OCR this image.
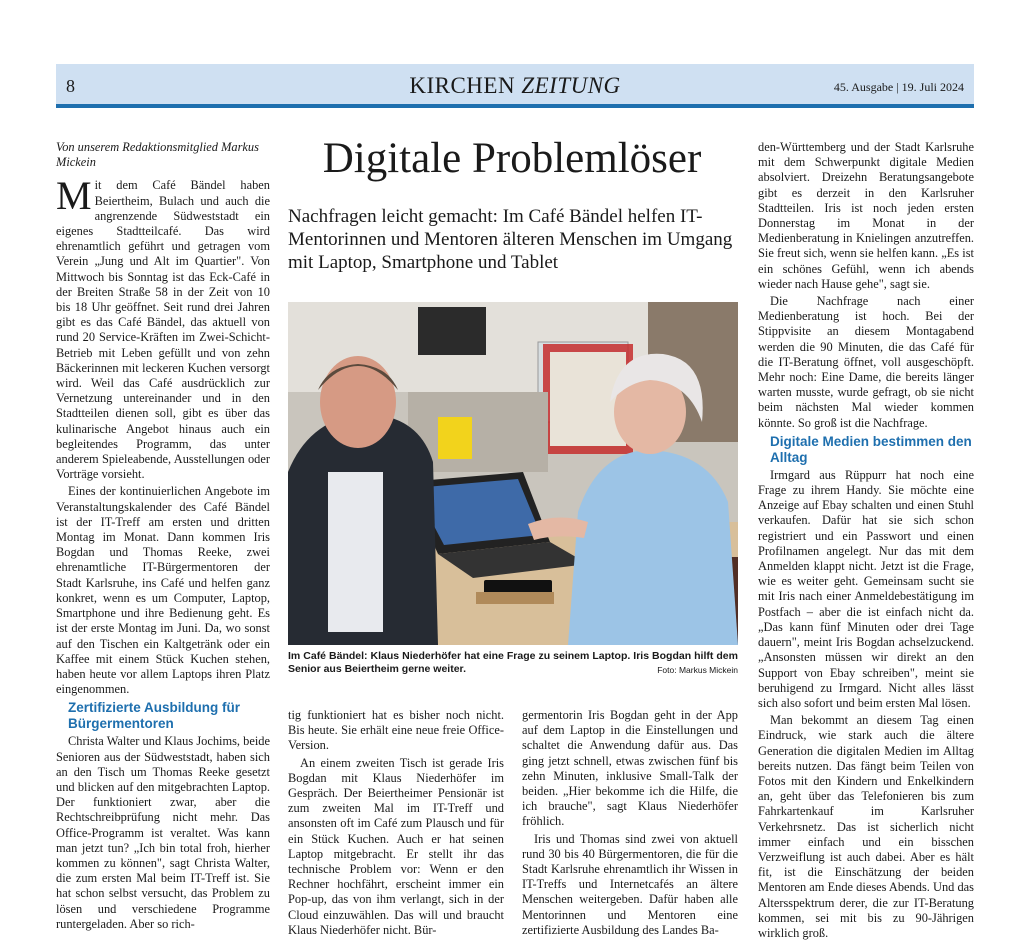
8	KIRCHEN ZEITUNG	45. Ausgabe | 19. Juli 2024

Von unserem Redaktionsmitglied Markus Mickein

Mit dem Café Bändel haben Beiertheim, Bulach und auch die angrenzende Südweststadt ein eigenes Stadtteilcafé. Das wird ehrenamtlich geführt und getragen vom Verein „Jung und Alt im Quartier". Von Mittwoch bis Sonntag ist das Eck-Café in der Breiten Straße 58 in der Zeit von 10 bis 18 Uhr geöffnet. Seit rund drei Jahren gibt es das Café Bändel, das aktuell von rund 20 Service-Kräften im Zwei-Schicht-Betrieb mit Leben gefüllt und von zehn Bäckerinnen mit leckeren Kuchen versorgt wird. Weil das Café ausdrücklich zur Vernetzung untereinander und in den Stadtteilen dienen soll, gibt es über das kulinarische Angebot hinaus auch ein begleitendes Programm, das unter anderem Spieleabende, Ausstellungen oder Vorträge vorsieht.

Eines der kontinuierlichen Angebote im Veranstaltungskalender des Café Bändel ist der IT-Treff am ersten und dritten Montag im Monat. Dann kommen Iris Bogdan und Thomas Reeke, zwei ehrenamtliche IT-Bürgermentoren der Stadt Karlsruhe, ins Café und helfen ganz konkret, wenn es um Computer, Laptop, Smartphone und ihre Bedienung geht. Es ist der erste Montag im Juni. Da, wo sonst auf den Tischen ein Kaltgetränk oder ein Kaffee mit einem Stück Kuchen stehen, haben heute vor allem Laptops ihren Platz eingenommen.

Zertifizierte Ausbildung für Bürgermentoren

Christa Walter und Klaus Jochims, beide Senioren aus der Südweststadt, haben sich an den Tisch um Thomas Reeke gesetzt und blicken auf den mitgebrachten Laptop. Der funktioniert zwar, aber die Rechtschreibprüfung nicht mehr. Das Office-Programm ist veraltet. Was kann man jetzt tun? „Ich bin total froh, hierher kommen zu können", sagt Christa Walter, die zum ersten Mal beim IT-Treff ist. Sie hat schon selbst versucht, das Problem zu lösen und verschiedene Programme runtergeladen. Aber so rich-

Digitale Problemlöser
Nachfragen leicht gemacht: Im Café Bändel helfen IT-Mentorinnen und Mentoren älteren Menschen im Umgang mit Laptop, Smartphone und Tablet
Im Café Bändel: Klaus Niederhöfer hat eine Frage zu seinem Laptop. Iris Bogdan hilft dem Senior aus Beiertheim gerne weiter.	Foto: Markus Mickein

tig funktioniert hat es bisher noch nicht. Bis heute. Sie erhält eine neue freie Office-Version.

An einem zweiten Tisch ist gerade Iris Bogdan mit Klaus Niederhöfer im Gespräch. Der Beiertheimer Pensionär ist zum zweiten Mal im IT-Treff und ansonsten oft im Café zum Plausch und für ein Stück Kuchen. Auch er hat seinen Laptop mitgebracht. Er stellt ihr das technische Problem vor: Wenn er den Rechner hochfährt, erscheint immer ein Pop-up, das von ihm verlangt, sich in der Cloud einzuwählen. Das will und braucht Klaus Niederhöfer nicht. Bür-

germentorin Iris Bogdan geht in der App auf dem Laptop in die Einstellungen und schaltet die Anwendung dafür aus. Das ging jetzt schnell, etwas zwischen fünf bis zehn Minuten, inklusive Small-Talk der beiden. „Hier bekomme ich die Hilfe, die ich brauche", sagt Klaus Niederhöfer fröhlich.

Iris und Thomas sind zwei von aktuell rund 30 bis 40 Bürgermentoren, die für die Stadt Karlsruhe ehrenamtlich ihr Wissen in IT-Treffs und Internetcafés an ältere Menschen weitergeben. Dafür haben alle Mentorinnen und Mentoren eine zertifizierte Ausbildung des Landes Ba-

den-Württemberg und der Stadt Karlsruhe mit dem Schwerpunkt digitale Medien absolviert. Dreizehn Beratungsangebote gibt es derzeit in den Karlsruher Stadtteilen. Iris ist noch jeden ersten Donnerstag im Monat in der Medienberatung in Knielingen anzutreffen. Sie freut sich, wenn sie helfen kann. „Es ist ein schönes Gefühl, wenn ich abends wieder nach Hause gehe", sagt sie.

Die Nachfrage nach einer Medienberatung ist hoch. Bei der Stippvisite an diesem Montagabend werden die 90 Minuten, die das Café für die IT-Beratung öffnet, voll ausgeschöpft. Mehr noch: Eine Dame, die bereits länger warten musste, wurde gefragt, ob sie nicht beim nächsten Mal wieder kommen könnte. So groß ist die Nachfrage.

Digitale Medien bestimmen den Alltag

Irmgard aus Rüppurr hat noch eine Frage zu ihrem Handy. Sie möchte eine Anzeige auf Ebay schalten und einen Stuhl verkaufen. Dafür hat sie sich schon registriert und ein Passwort und einen Profilnamen angelegt. Nur das mit dem Anmelden klappt nicht. Jetzt ist die Frage, wie es weiter geht. Gemeinsam sucht sie mit Iris nach einer Anmeldebestätigung im Postfach – aber die ist einfach nicht da. „Das kann fünf Minuten oder drei Tage dauern", meint Iris Bogdan achselzuckend. „Ansonsten müssen wir direkt an den Support von Ebay schreiben", meint sie beruhigend zu Irmgard. Nicht alles lässt sich also sofort und beim ersten Mal lösen.

Man bekommt an diesem Tag einen Eindruck, wie stark auch die ältere Generation die digitalen Medien im Alltag bereits nutzen. Das fängt beim Teilen von Fotos mit den Kindern und Enkelkindern an, geht über das Telefonieren bis zum Fahrkartenkauf im Karlsruher Verkehrsnetz. Das ist sicherlich nicht immer einfach und ein bisschen Verzweiflung ist auch dabei. Aber es hält fit, ist die Einschätzung der beiden Mentoren am Ende dieses Abends. Und das Altersspektrum derer, die zur IT-Beratung kommen, sei mit bis zu 90-Jährigen wirklich groß.
